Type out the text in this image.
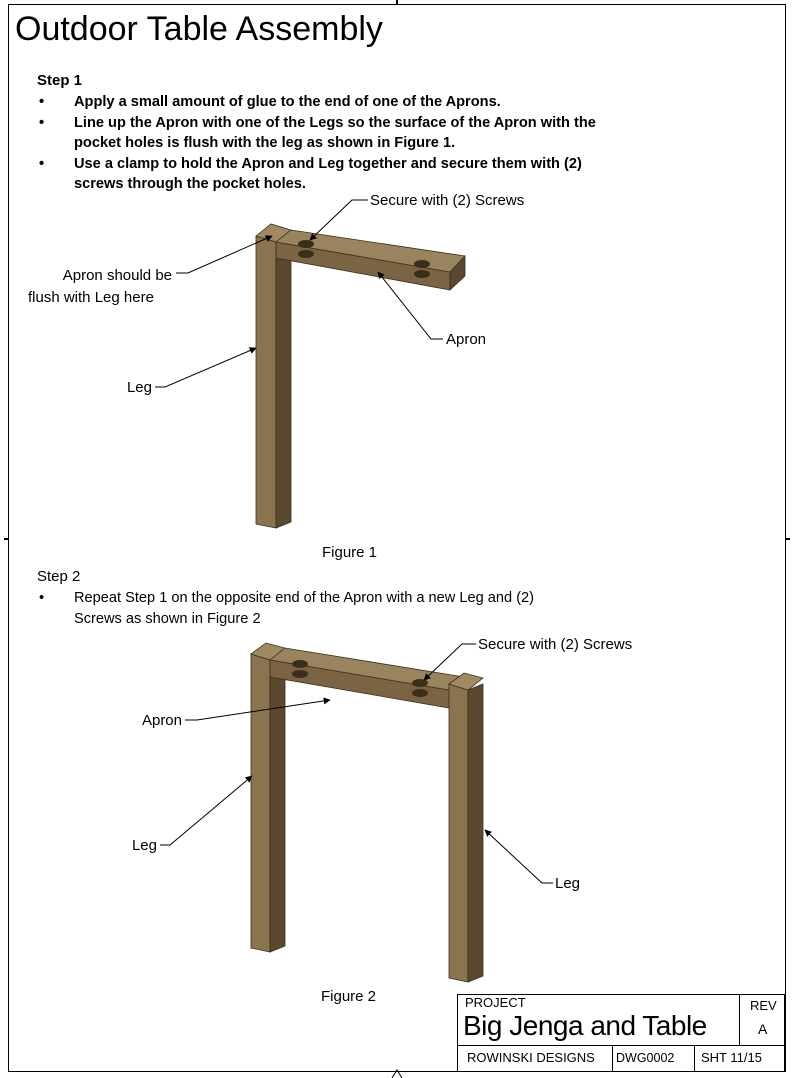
Outdoor Table Assembly
Step 1
• Apply a small amount of glue to the end of one of the Aprons.
• Line up the Apron with one of the Legs so the surface of the Apron with the
pocket holes is flush with the leg as shown in Figure 1.
• Use a clamp to hold the Apron and Leg together and secure them with (2)
screws through the pocket holes.
Step 2
• Repeat Step 1 on the opposite end of the Apron with a new Leg and (2)
Screws as shown in Figure 2
Secure with (2) Screws
Apron should be
flush with Leg here
Apron
Leg
Figure 1
Secure with (2) Screws
Apron
Leg
Leg
Figure 2	PROJECT
Big Jenga and Table
REV
A
ROWINSKI DESIGNS DWG0002 SHT 11/15
